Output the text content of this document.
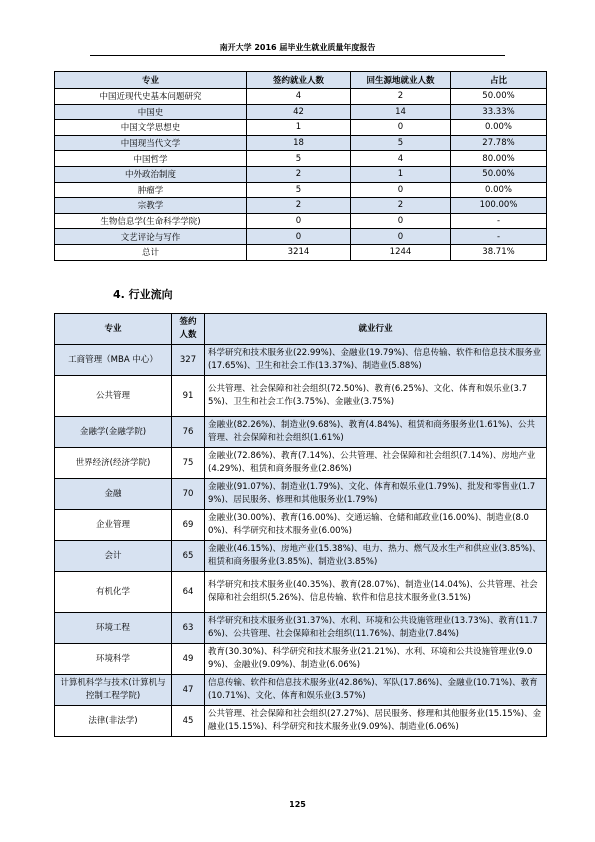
南开大学 2016 届毕业生就业质量年度报告
专业	签约就业人数	回生源地就业人数	占比
中国近现代史基本问题研究	4	2	50.00%
中国史	42	14	33.33%
中国文学思想史	1	0	0.00%
中国现当代文学	18	5	27.78%
中国哲学	5	4	80.00%
中外政治制度	2	1	50.00%
肿瘤学	5	0	0.00%
宗教学	2	2	100.00%
生物信息学(生命科学学院)	0	0	-
文艺评论与写作	0	0	-
总计	3214	1244	38.71%
4. 行业流向
专业	签约人数	就业行业
工商管理（MBA 中心）	327	科学研究和技术服务业(22.99%)、金融业(19.79%)、信息传输、软件和信息技术服务业(17.65%)、卫生和社会工作(13.37%)、制造业(5.88%)
公共管理	91	公共管理、社会保障和社会组织(72.50%)、教育(6.25%)、文化、体育和娱乐业(3.75%)、卫生和社会工作(3.75%)、金融业(3.75%)
金融学(金融学院)	76	金融业(82.26%)、制造业(9.68%)、教育(4.84%)、租赁和商务服务业(1.61%)、公共管理、社会保障和社会组织(1.61%)
世界经济(经济学院)	75	金融业(72.86%)、教育(7.14%)、公共管理、社会保障和社会组织(7.14%)、房地产业(4.29%)、租赁和商务服务业(2.86%)
金融	70	金融业(91.07%)、制造业(1.79%)、文化、体育和娱乐业(1.79%)、批发和零售业(1.79%)、居民服务、修理和其他服务业(1.79%)
企业管理	69	金融业(30.00%)、教育(16.00%)、交通运输、仓储和邮政业(16.00%)、制造业(8.00%)、科学研究和技术服务业(6.00%)
会计	65	金融业(46.15%)、房地产业(15.38%)、电力、热力、燃气及水生产和供应业(3.85%)、租赁和商务服务业(3.85%)、制造业(3.85%)
有机化学	64	科学研究和技术服务业(40.35%)、教育(28.07%)、制造业(14.04%)、公共管理、社会保障和社会组织(5.26%)、信息传输、软件和信息技术服务业(3.51%)
环境工程	63	科学研究和技术服务业(31.37%)、水利、环境和公共设施管理业(13.73%)、教育(11.76%)、公共管理、社会保障和社会组织(11.76%)、制造业(7.84%)
环境科学	49	教育(30.30%)、科学研究和技术服务业(21.21%)、水利、环境和公共设施管理业(9.09%)、金融业(9.09%)、制造业(6.06%)
计算机科学与技术(计算机与控制工程学院)	47	信息传输、软件和信息技术服务业(42.86%)、军队(17.86%)、金融业(10.71%)、教育(10.71%)、文化、体育和娱乐业(3.57%)
法律(非法学)	45	公共管理、社会保障和社会组织(27.27%)、居民服务、修理和其他服务业(15.15%)、金融业(15.15%)、科学研究和技术服务业(9.09%)、制造业(6.06%)
125
